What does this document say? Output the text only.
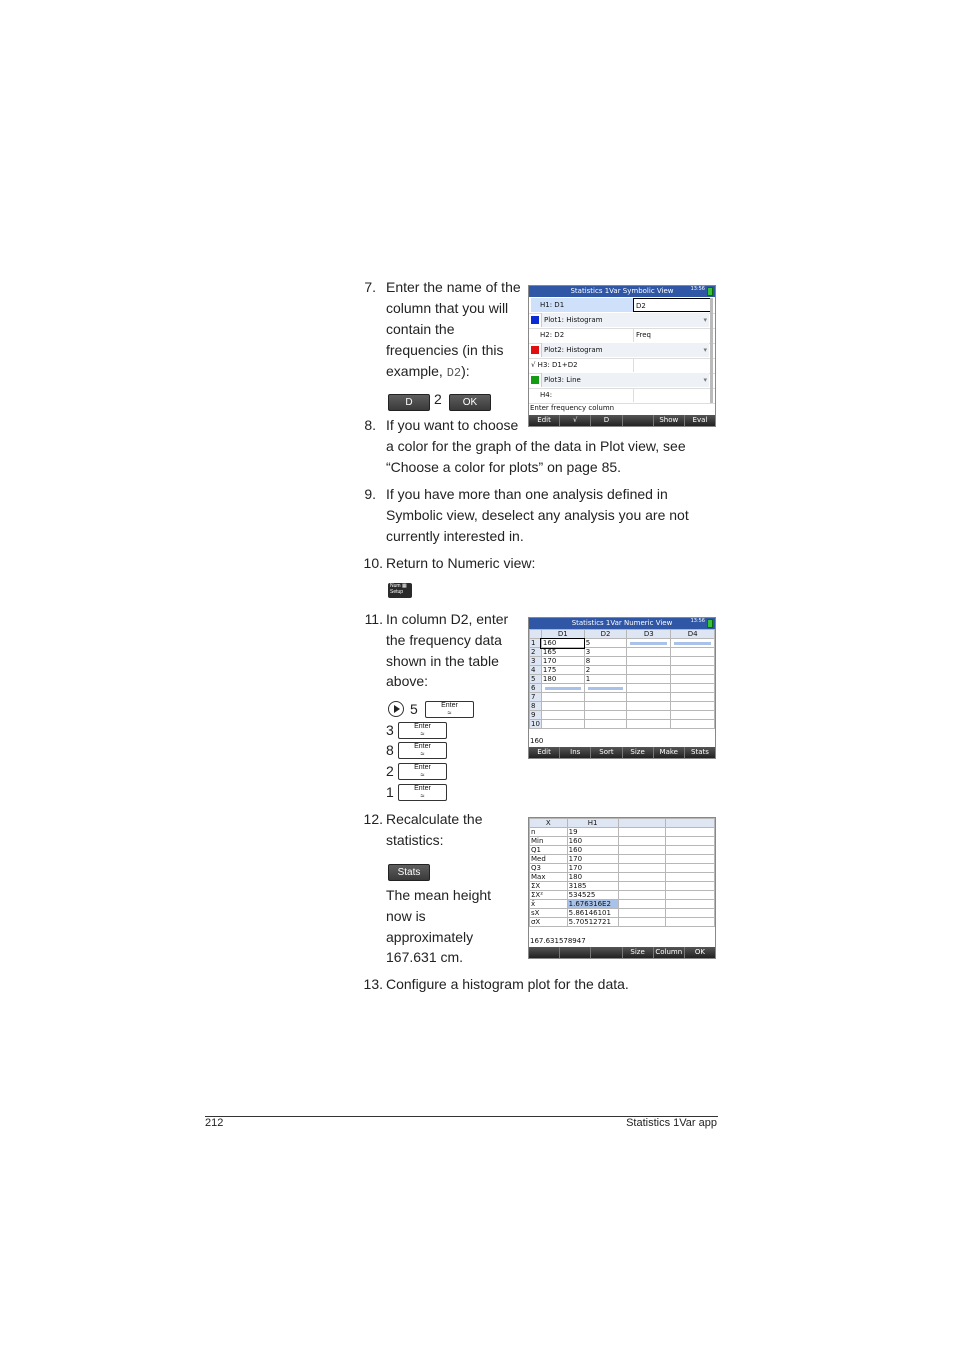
7. Enter the name of the
column that you will
contain the
frequencies (in this
example, D2):
D	2	OK
Statistics 1Var Symbolic View	13:56
H1: D1	D2
Plot1: Histogram	▾
H2: D2	Freq
Plot2: Histogram	▾
√ H3: D1+D2
Plot3: Line	▾
H4:
Enter frequency column
Edit	√	D	Show	Eval
8. If you want to choose
a color for the graph of the data in Plot view, see
“Choose a color for plots” on page 85.
9. If you have more than one analysis defined in
Symbolic view, deselect any analysis you are not
currently interested in.
10. Return to Numeric view:
Num ▦
Setup
11. In column D2, enter
the frequency data
shown in the table
above:
5	Enter
≈
3	Enter
≈
8	Enter
≈
2	Enter
≈
1	Enter
≈
Statistics 1Var Numeric View	13:56
	D1	D2	D3	D4
1	160	5	

2	165	3		
3	170	8		
4	175	2		
5	180	1		
6	

7				
8				
9				
10				
160
Edit	Ins	Sort	Size	Make	Stats
12. Recalculate the
statistics:
Stats
The mean height
now is
approximately
167.631 cm.
X	H1		
n	19		
Min	160		
Q1	160		
Med	170		
Q3	170		
Max	180		
ΣX	3185		
ΣX²	534525		
x̄	1.676316E2		
sX	5.86146101		
σX	5.70512721		
167.631578947
Size	Column	OK
13. Configure a histogram plot for the data.
212	Statistics 1Var app
